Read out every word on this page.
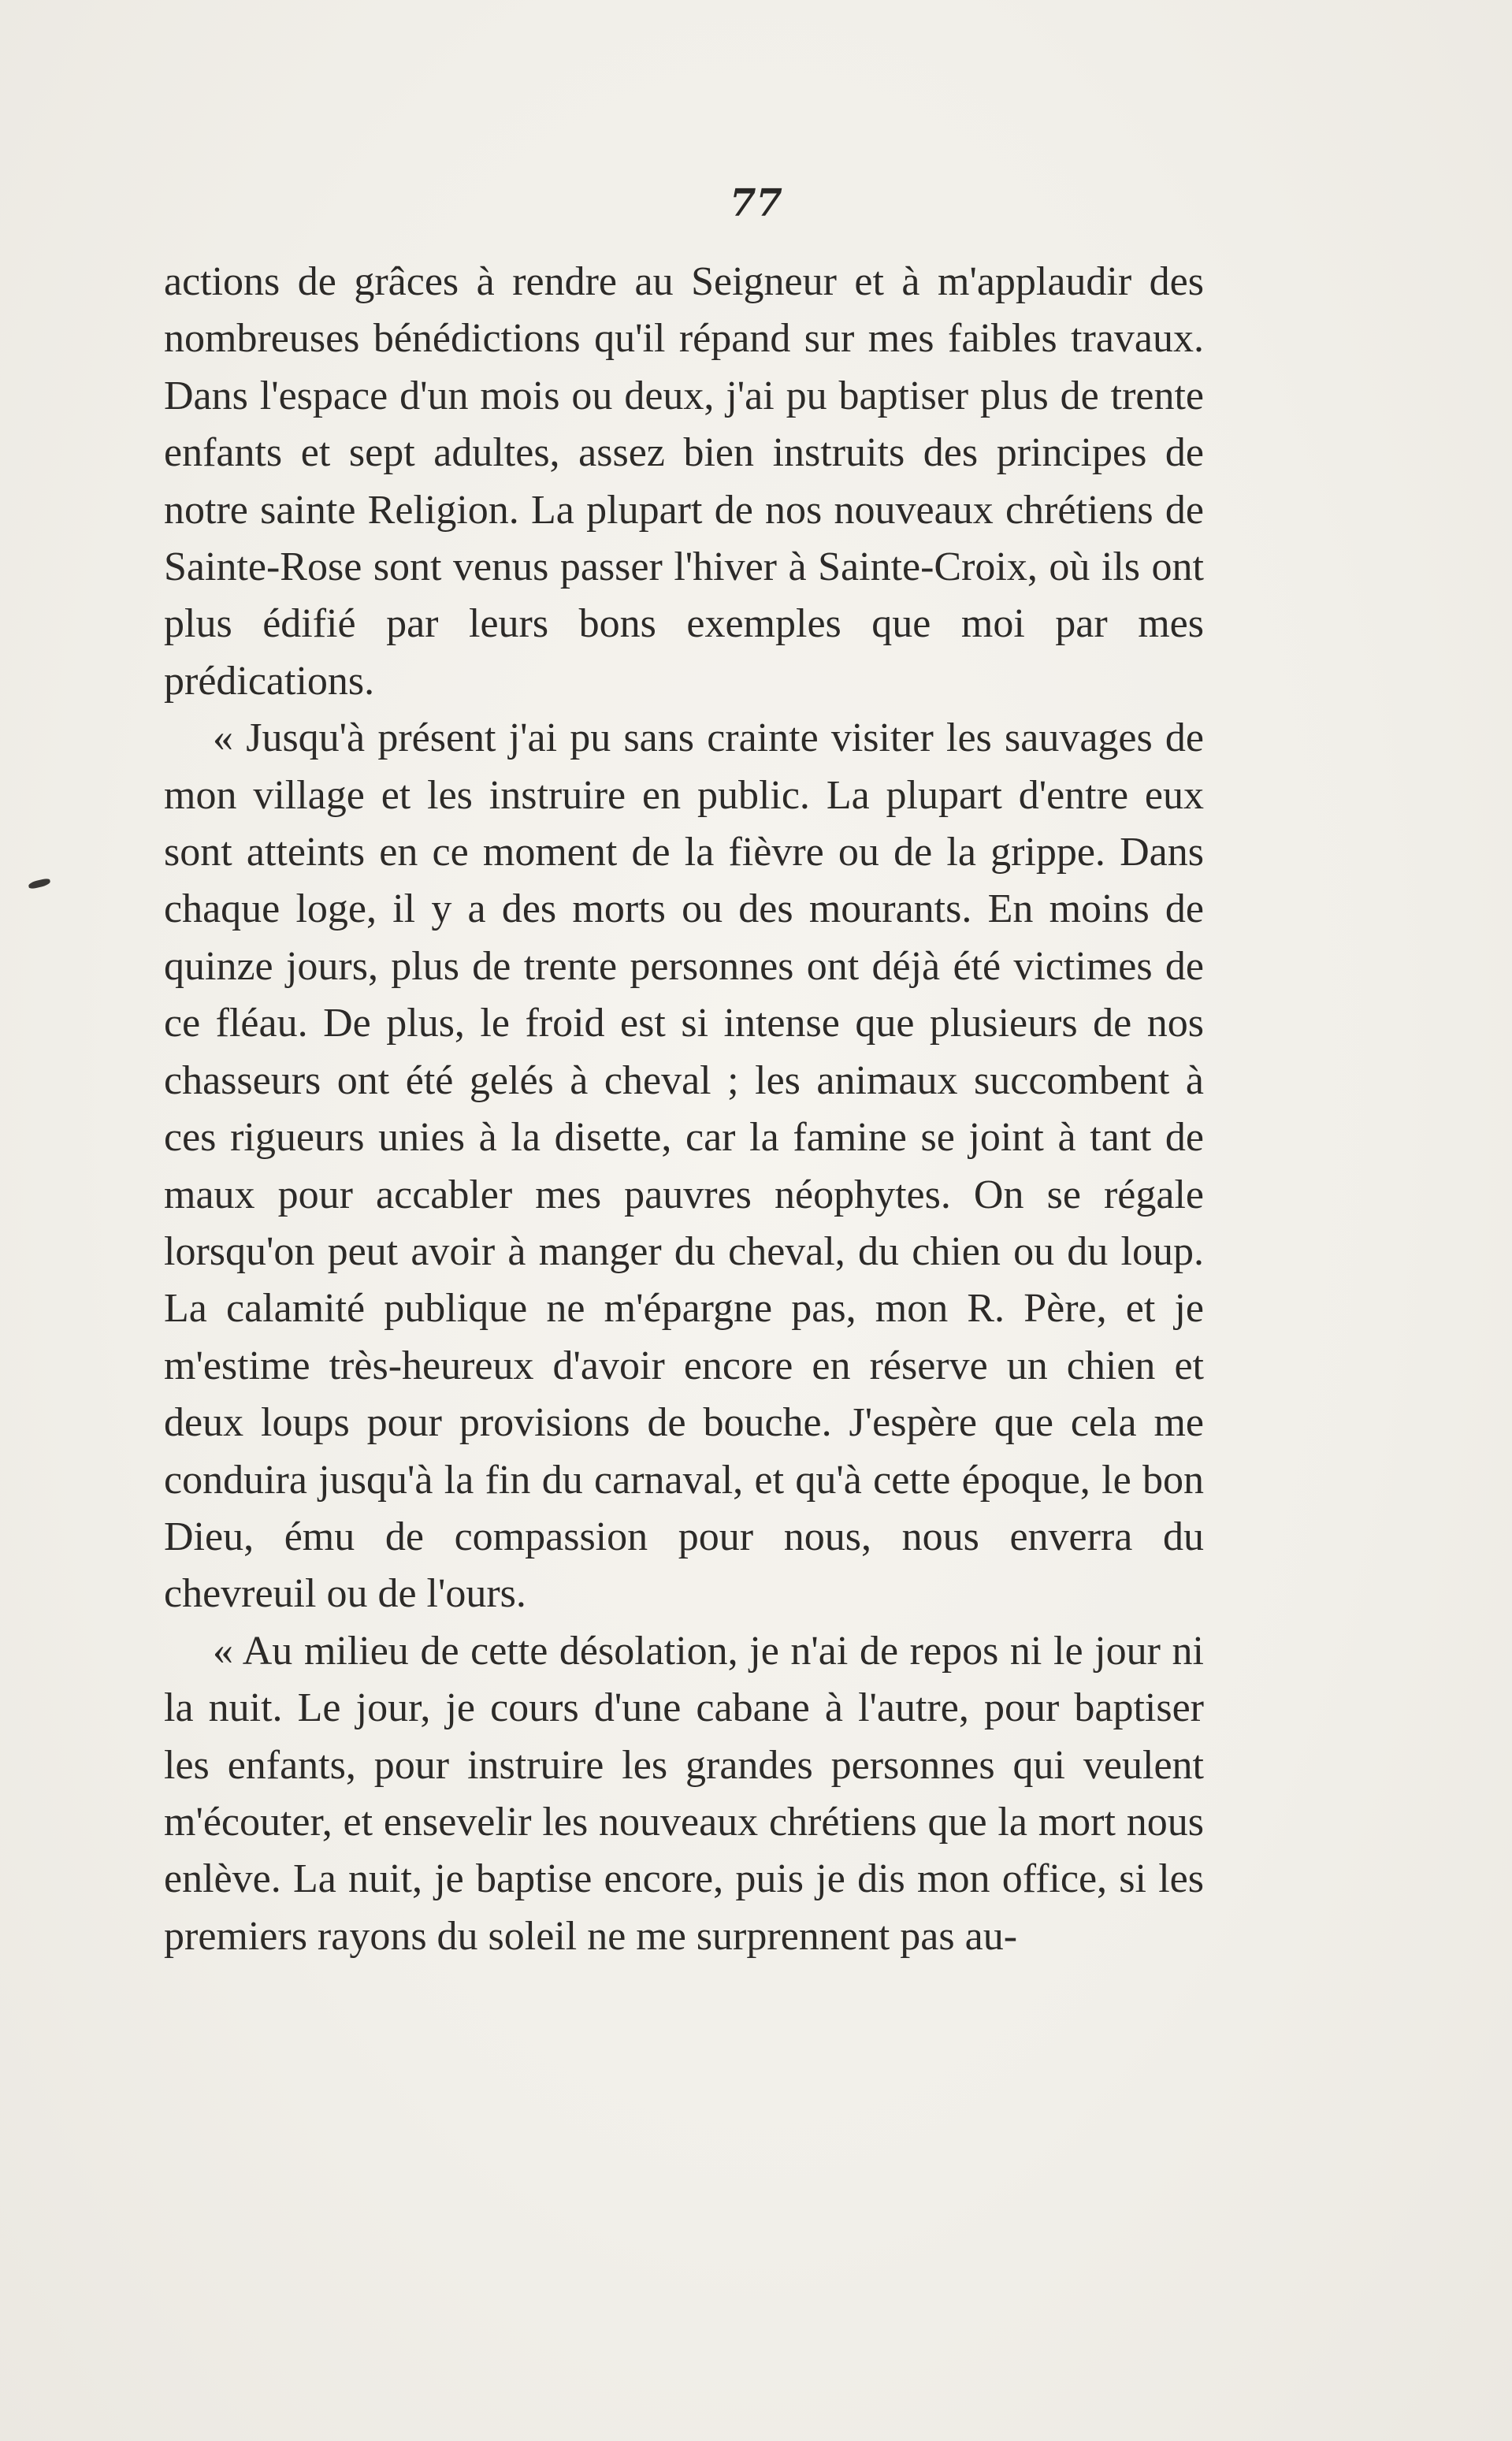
77

actions de grâces à rendre au Seigneur et à m'applaudir des nombreuses bénédictions qu'il répand sur mes faibles travaux. Dans l'espace d'un mois ou deux, j'ai pu baptiser plus de trente enfants et sept adultes, assez bien instruits des principes de notre sainte Religion. La plupart de nos nouveaux chrétiens de Sainte-Rose sont venus passer l'hiver à Sainte-Croix, où ils ont plus édifié par leurs bons exemples que moi par mes prédications.

« Jusqu'à présent j'ai pu sans crainte visiter les sauvages de mon village et les instruire en public. La plupart d'entre eux sont atteints en ce moment de la fièvre ou de la grippe. Dans chaque loge, il y a des morts ou des mourants. En moins de quinze jours, plus de trente personnes ont déjà été victimes de ce fléau. De plus, le froid est si intense que plusieurs de nos chasseurs ont été gelés à cheval ; les animaux succombent à ces rigueurs unies à la disette, car la famine se joint à tant de maux pour accabler mes pauvres néophytes. On se régale lorsqu'on peut avoir à manger du cheval, du chien ou du loup. La calamité publique ne m'épargne pas, mon R. Père, et je m'estime très-heureux d'avoir encore en réserve un chien et deux loups pour provisions de bouche. J'espère que cela me conduira jusqu'à la fin du carnaval, et qu'à cette époque, le bon Dieu, ému de compassion pour nous, nous enverra du chevreuil ou de l'ours.

« Au milieu de cette désolation, je n'ai de repos ni le jour ni la nuit. Le jour, je cours d'une cabane à l'autre, pour baptiser les enfants, pour instruire les grandes personnes qui veulent m'écouter, et ensevelir les nouveaux chrétiens que la mort nous enlève. La nuit, je baptise encore, puis je dis mon office, si les premiers rayons du soleil ne me surprennent pas au-
